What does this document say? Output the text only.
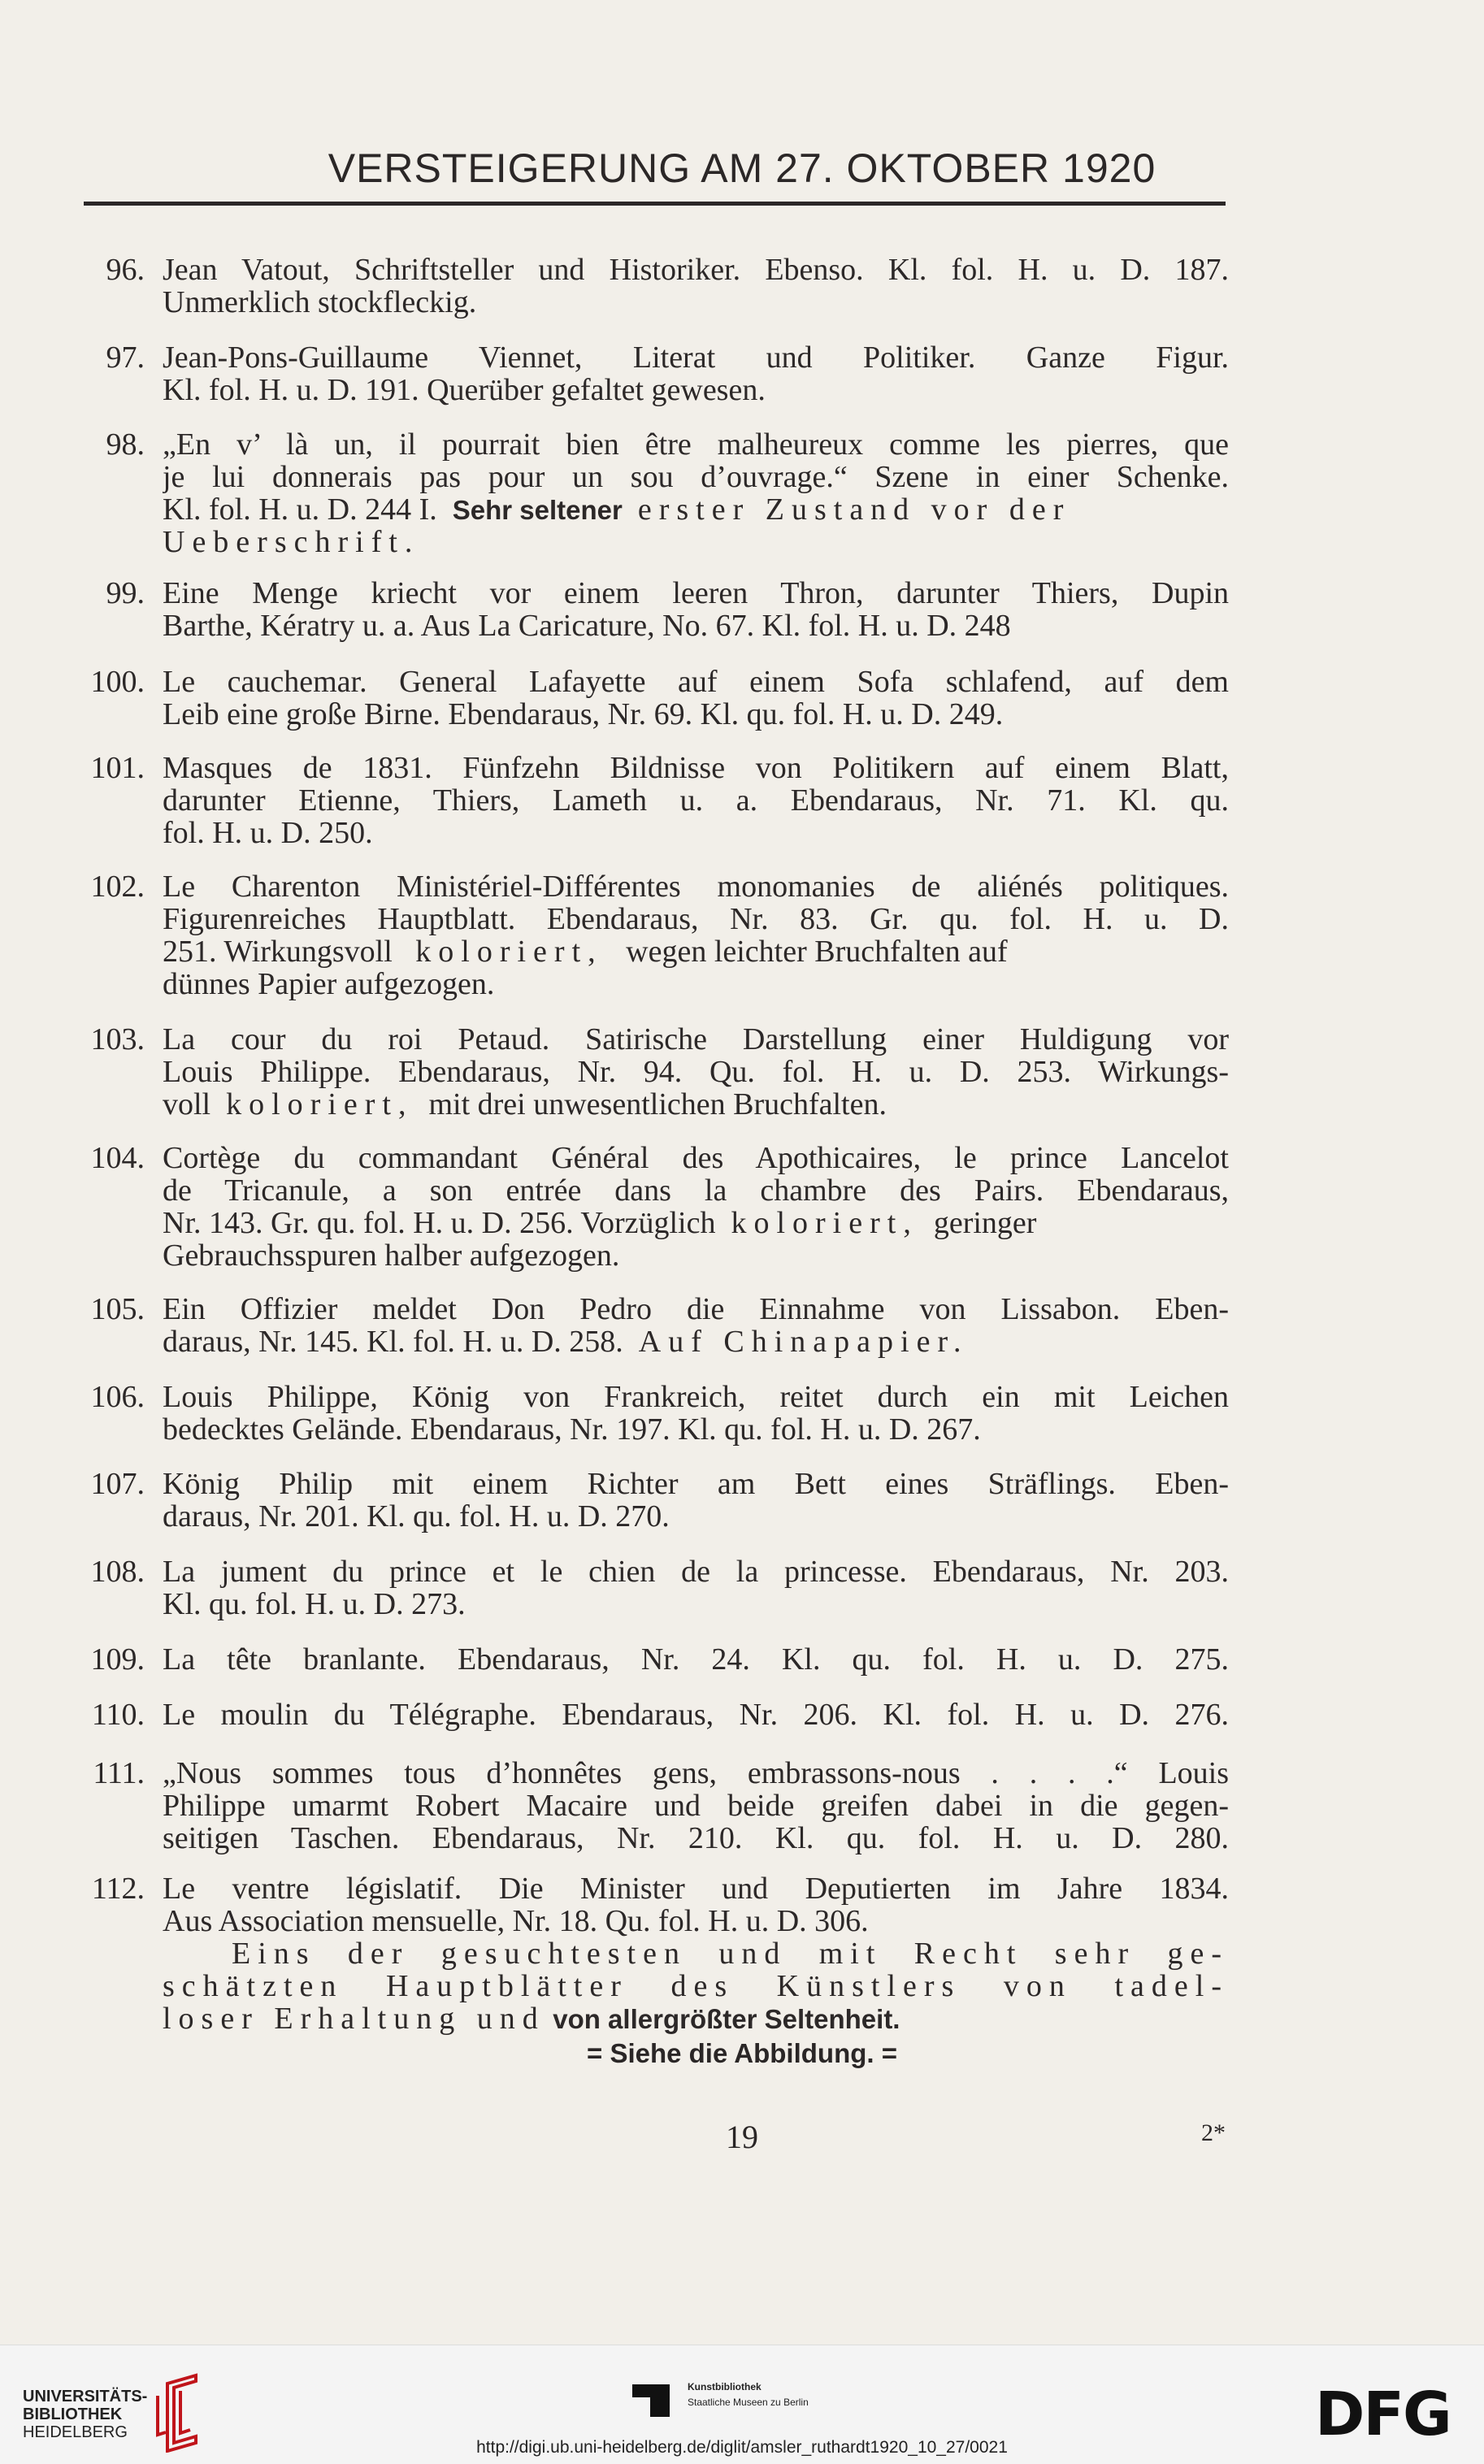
VERSTEIGERUNG AM 27. OKTOBER 1920
96. Jean Vatout, Schriftsteller und Historiker. Ebenso. Kl. fol. H. u. D. 187.
Unmerklich stockfleckig.
97. Jean-Pons-Guillaume Viennet, Literat und Politiker. Ganze Figur.
Kl. fol. H. u. D. 191. Querüber gefaltet gewesen.
98. „En v’ là un, il pourrait bien être malheureux comme les pierres, que
je lui donnerais pas pour un sou d’ouvrage.“ Szene in einer Schenke.
Kl. fol. H. u. D. 244 I. Sehr seltener erster Zustand vor der
Ueberschrift.
99. Eine Menge kriecht vor einem leeren Thron, darunter Thiers, Dupin
Barthe, Kératry u. a. Aus La Caricature, No. 67. Kl. fol. H. u. D. 248
100. Le cauchemar. General Lafayette auf einem Sofa schlafend, auf dem
Leib eine große Birne. Ebendaraus, Nr. 69. Kl. qu. fol. H. u. D. 249.
101. Masques de 1831. Fünfzehn Bildnisse von Politikern auf einem Blatt,
darunter Etienne, Thiers, Lameth u. a. Ebendaraus, Nr. 71. Kl. qu.
fol. H. u. D. 250.
102. Le Charenton Ministériel-Différentes monomanies de aliénés politiques.
Figurenreiches Hauptblatt. Ebendaraus, Nr. 83. Gr. qu. fol. H. u. D.
251. Wirkungsvoll koloriert, wegen leichter Bruchfalten auf
dünnes Papier aufgezogen.
103. La cour du roi Petaud. Satirische Darstellung einer Huldigung vor
Louis Philippe. Ebendaraus, Nr. 94. Qu. fol. H. u. D. 253. Wirkungs-
voll koloriert, mit drei unwesentlichen Bruchfalten.
104. Cortège du commandant Général des Apothicaires, le prince Lancelot
de Tricanule, a son entrée dans la chambre des Pairs. Ebendaraus,
Nr. 143. Gr. qu. fol. H. u. D. 256. Vorzüglich koloriert, geringer
Gebrauchsspuren halber aufgezogen.
105. Ein Offizier meldet Don Pedro die Einnahme von Lissabon. Eben-
daraus, Nr. 145. Kl. fol. H. u. D. 258. Auf Chinapapier.
106. Louis Philippe, König von Frankreich, reitet durch ein mit Leichen
bedecktes Gelände. Ebendaraus, Nr. 197. Kl. qu. fol. H. u. D. 267.
107. König Philip mit einem Richter am Bett eines Sträflings. Eben-
daraus, Nr. 201. Kl. qu. fol. H. u. D. 270.
108. La jument du prince et le chien de la princesse. Ebendaraus, Nr. 203.
Kl. qu. fol. H. u. D. 273.
109. La tête branlante. Ebendaraus, Nr. 24. Kl. qu. fol. H. u. D. 275.
110. Le moulin du Télégraphe. Ebendaraus, Nr. 206. Kl. fol. H. u. D. 276.
111. „Nous sommes tous d’honnêtes gens, embrassons-nous . . . .“ Louis
Philippe umarmt Robert Macaire und beide greifen dabei in die gegen-
seitigen Taschen. Ebendaraus, Nr. 210. Kl. qu. fol. H. u. D. 280.
112. Le ventre législatif. Die Minister und Deputierten im Jahre 1834.
Aus Association mensuelle, Nr. 18. Qu. fol. H. u. D. 306.
Eins der gesuchtesten und mit Recht sehr ge-
schätzten Hauptblätter des Künstlers von tadel-
loser Erhaltung und von allergrößter Seltenheit.
= Siehe die Abbildung. =
19	2*
UNIVERSITÄTS-
BIBLIOTHEK
HEIDELBERG
Kunstbibliothek
Staatliche Museen zu Berlin	DFG
http://digi.ub.uni-heidelberg.de/diglit/amsler_ruthardt1920_10_27/0021
